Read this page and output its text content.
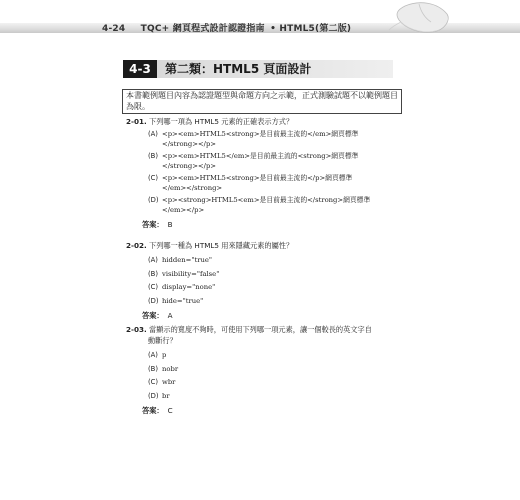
4-24 TQC+ 網頁程式設計認證指南 • HTML5(第二版)
4-3	第二類：HTML5 頁面設計
本書範例題目內容為認證題型與命題方向之示範，正式測驗試題不以範例題目為限。
2-01. 下列哪一項為 HTML5 元素的正確表示方式？
(A) <p><em>HTML5<strong>是目前最主流的</em>網頁標準
</strong></p>
(B) <p><em>HTML5</em>是目前最主流的<strong>網頁標準
</strong></p>
(C) <p><em>HTML5<strong>是目前最主流的</p>網頁標準
</em></strong>
(D) <p><strong>HTML5<em>是目前最主流的</strong>網頁標準
</em></p>
答案： B
2-02. 下列哪一種為 HTML5 用來隱藏元素的屬性？
(A) hidden="true"
(B) visibility="false"
(C) display="none"
(D) hide="true"
答案： A
2-03. 當顯示的寬度不夠時，可使用下列哪一項元素，讓一個較長的英文字自
動斷行？
(A) p
(B) nobr
(C) wbr
(D) br
答案： C
